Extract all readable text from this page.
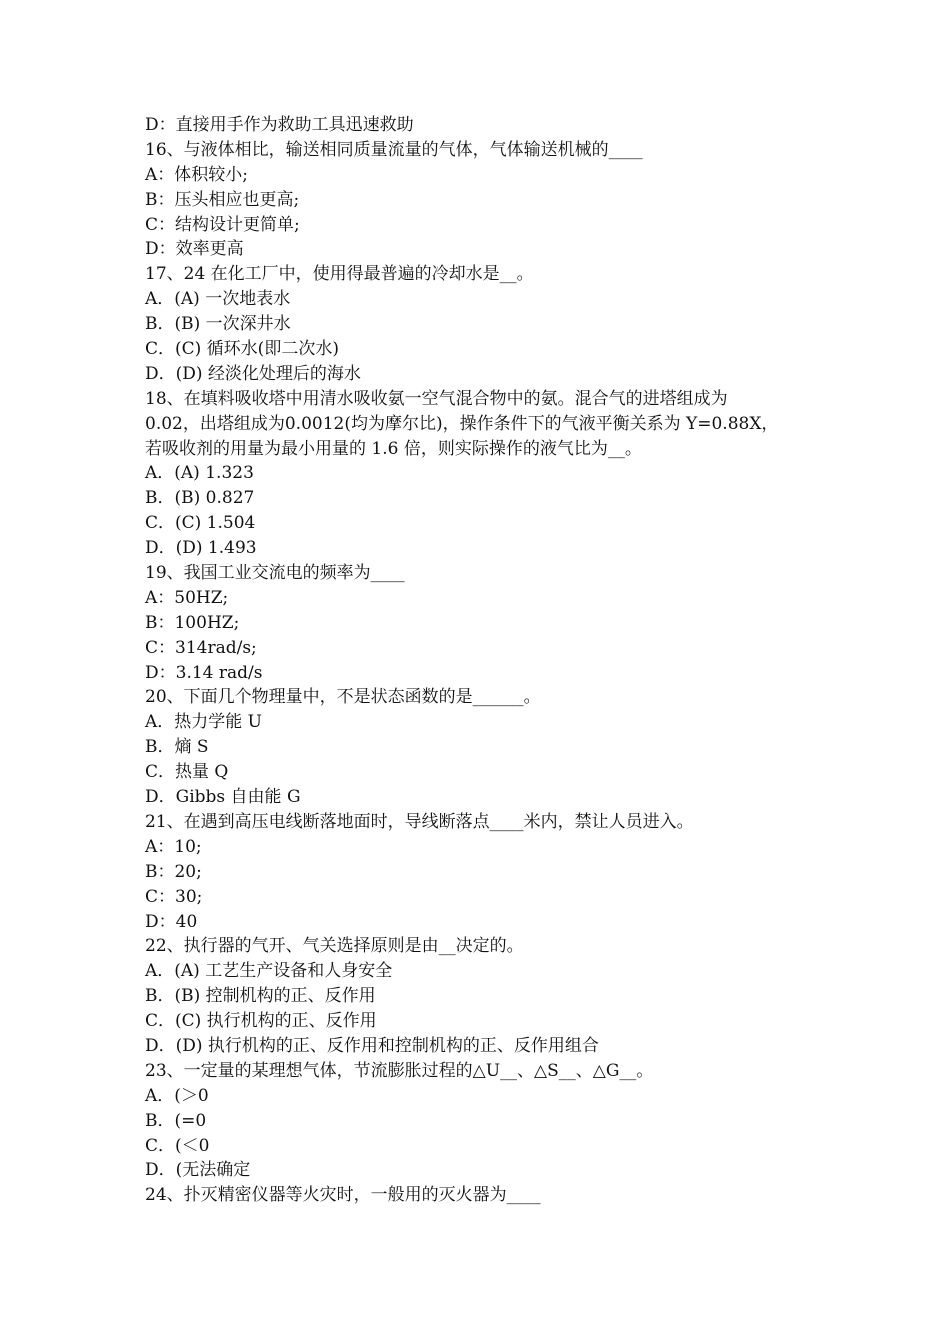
D：直接用手作为救助工具迅速救助

16、与液体相比，输送相同质量流量的气体，气体输送机械的____

A：体积较小;

B：压头相应也更高;

C：结构设计更简单;

D：效率更高

17、24 在化工厂中，使用得最普遍的冷却水是__。

A．(A) 一次地表水

B．(B) 一次深井水

C．(C) 循环水(即二次水)

D．(D) 经淡化处理后的海水

18、在填料吸收塔中用清水吸收氨一空气混合物中的氨。混合气的进塔组成为

0.02，出塔组成为0.0012(均为摩尔比)，操作条件下的气液平衡关系为 Y=0.88X，

若吸收剂的用量为最小用量的 1.6 倍，则实际操作的液气比为__。

A．(A) 1.323

B．(B) 0.827

C．(C) 1.504

D．(D) 1.493

19、我国工业交流电的频率为____

A：50HZ;

B：100HZ;

C：314rad/s;

D：3.14 rad/s

20、下面几个物理量中，不是状态函数的是______。

A．热力学能 U

B．熵 S

C．热量 Q

D．Gibbs 自由能 G

21、在遇到高压电线断落地面时，导线断落点____米内，禁让人员进入。

A：10;

B：20;

C：30;

D：40

22、执行器的气开、气关选择原则是由__决定的。

A．(A) 工艺生产设备和人身安全

B．(B) 控制机构的正、反作用

C．(C) 执行机构的正、反作用

D．(D) 执行机构的正、反作用和控制机构的正、反作用组合

23、一定量的某理想气体，节流膨胀过程的△U__、△S__、△G__。

A．(＞0

B．(=0

C．(＜0

D．(无法确定

24、扑灭精密仪器等火灾时，一般用的灭火器为____
